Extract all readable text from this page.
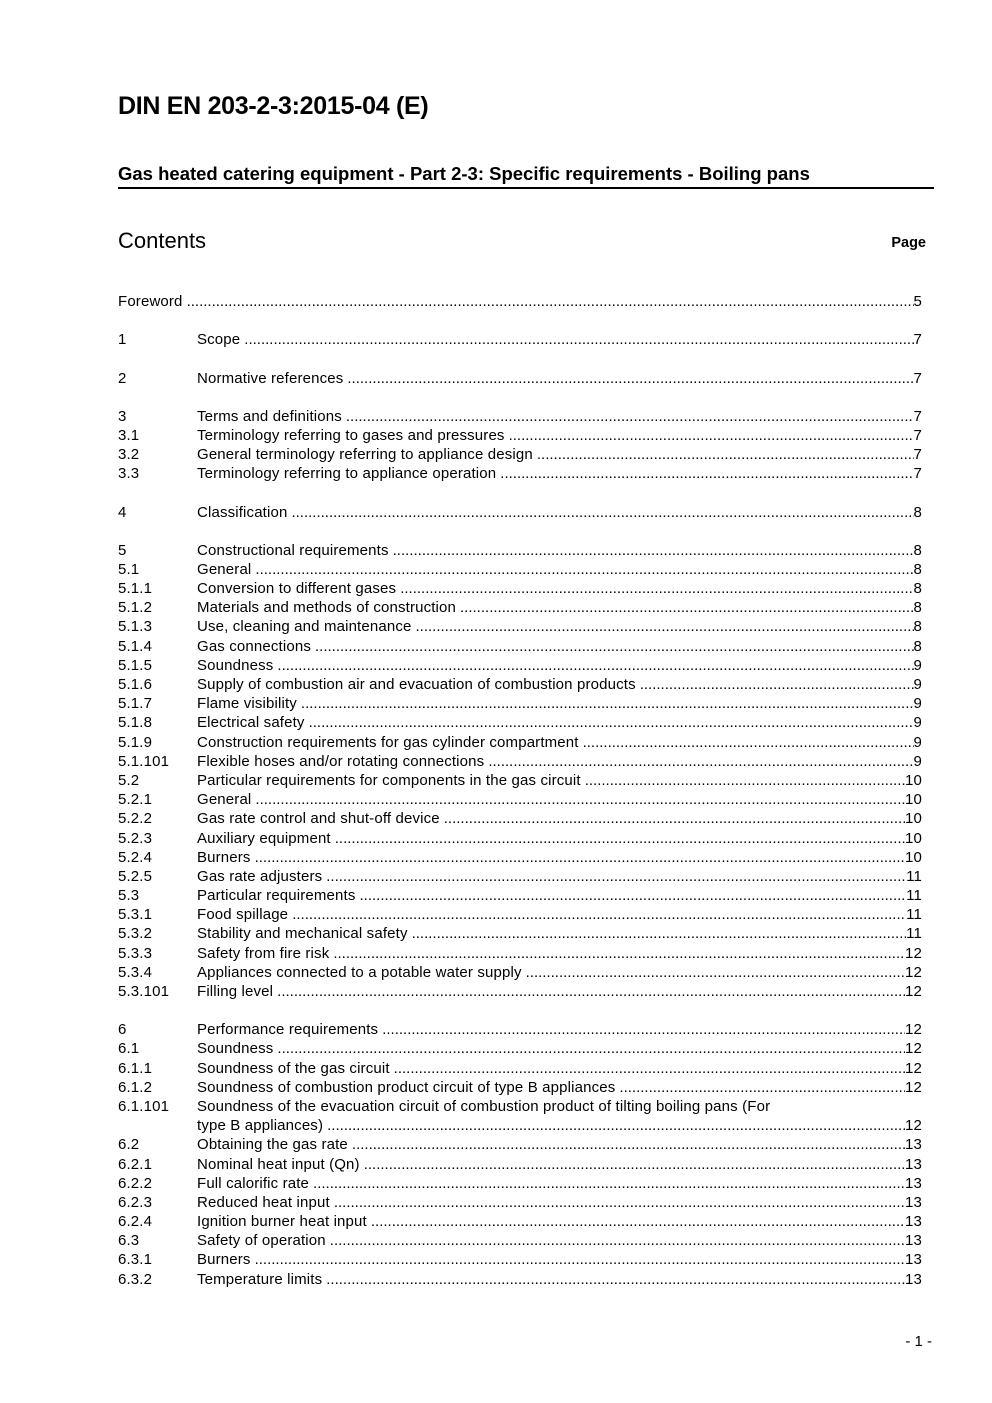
DIN EN 203-2-3:2015-04 (E)
Gas heated catering equipment - Part 2-3: Specific requirements - Boiling pans
Contents	Page
Foreword .....	5
1	Scope .....	7
2	Normative references .....	7
3	Terms and definitions .....	7
3.1	Terminology referring to gases and pressures .....	7
3.2	General terminology referring to appliance design .....	7
3.3	Terminology referring to appliance operation .....	7
4	Classification .....	8
5	Constructional requirements .....	8
5.1	General .....	8
5.1.1	Conversion to different gases .....	8
5.1.2	Materials and methods of construction .....	8
5.1.3	Use, cleaning and maintenance .....	8
5.1.4	Gas connections .....	8
5.1.5	Soundness .....	9
5.1.6	Supply of combustion air and evacuation of combustion products .....	9
5.1.7	Flame visibility .....	9
5.1.8	Electrical safety .....	9
5.1.9	Construction requirements for gas cylinder compartment .....	9
5.1.101	Flexible hoses and/or rotating connections .....	9
5.2	Particular requirements for components in the gas circuit .....	10
5.2.1	General .....	10
5.2.2	Gas rate control and shut-off device .....	10
5.2.3	Auxiliary equipment .....	10
5.2.4	Burners .....	10
5.2.5	Gas rate adjusters .....	11
5.3	Particular requirements .....	11
5.3.1	Food spillage .....	11
5.3.2	Stability and mechanical safety .....	11
5.3.3	Safety from fire risk .....	12
5.3.4	Appliances connected to a potable water supply .....	12
5.3.101	Filling level .....	12
6	Performance requirements .....	12
6.1	Soundness .....	12
6.1.1	Soundness of the gas circuit .....	12
6.1.2	Soundness of combustion product circuit of type B appliances .....	12
6.1.101	Soundness of the evacuation circuit of combustion product of tilting boiling pans (For
type B appliances) .....	12
6.2	Obtaining the gas rate .....	13
6.2.1	Nominal heat input (Qn) .....	13
6.2.2	Full calorific rate .....	13
6.2.3	Reduced heat input .....	13
6.2.4	Ignition burner heat input .....	13
6.3	Safety of operation .....	13
6.3.1	Burners .....	13
6.3.2	Temperature limits .....	13
- 1 -
